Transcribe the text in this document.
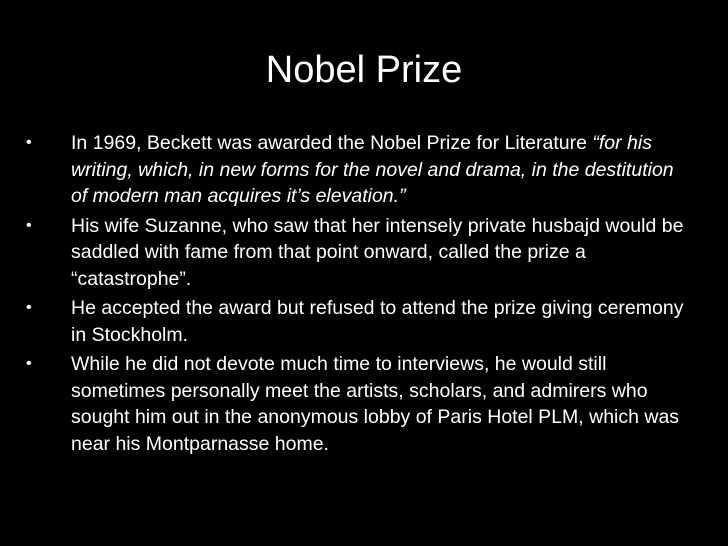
Nobel Prize
• In 1969, Beckett was awarded the Nobel Prize for Literature “for his writing, which, in new forms for the novel and drama, in the destitution of modern man acquires it’s elevation.”
• His wife Suzanne, who saw that her intensely private husbajd would be saddled with fame from that point onward, called the prize a “catastrophe”.
• He accepted the award but refused to attend the prize giving ceremony in Stockholm.
• While he did not devote much time to interviews, he would still sometimes personally meet the artists, scholars, and admirers who sought him out in the anonymous lobby of Paris Hotel PLM, which was near his Montparnasse home.
